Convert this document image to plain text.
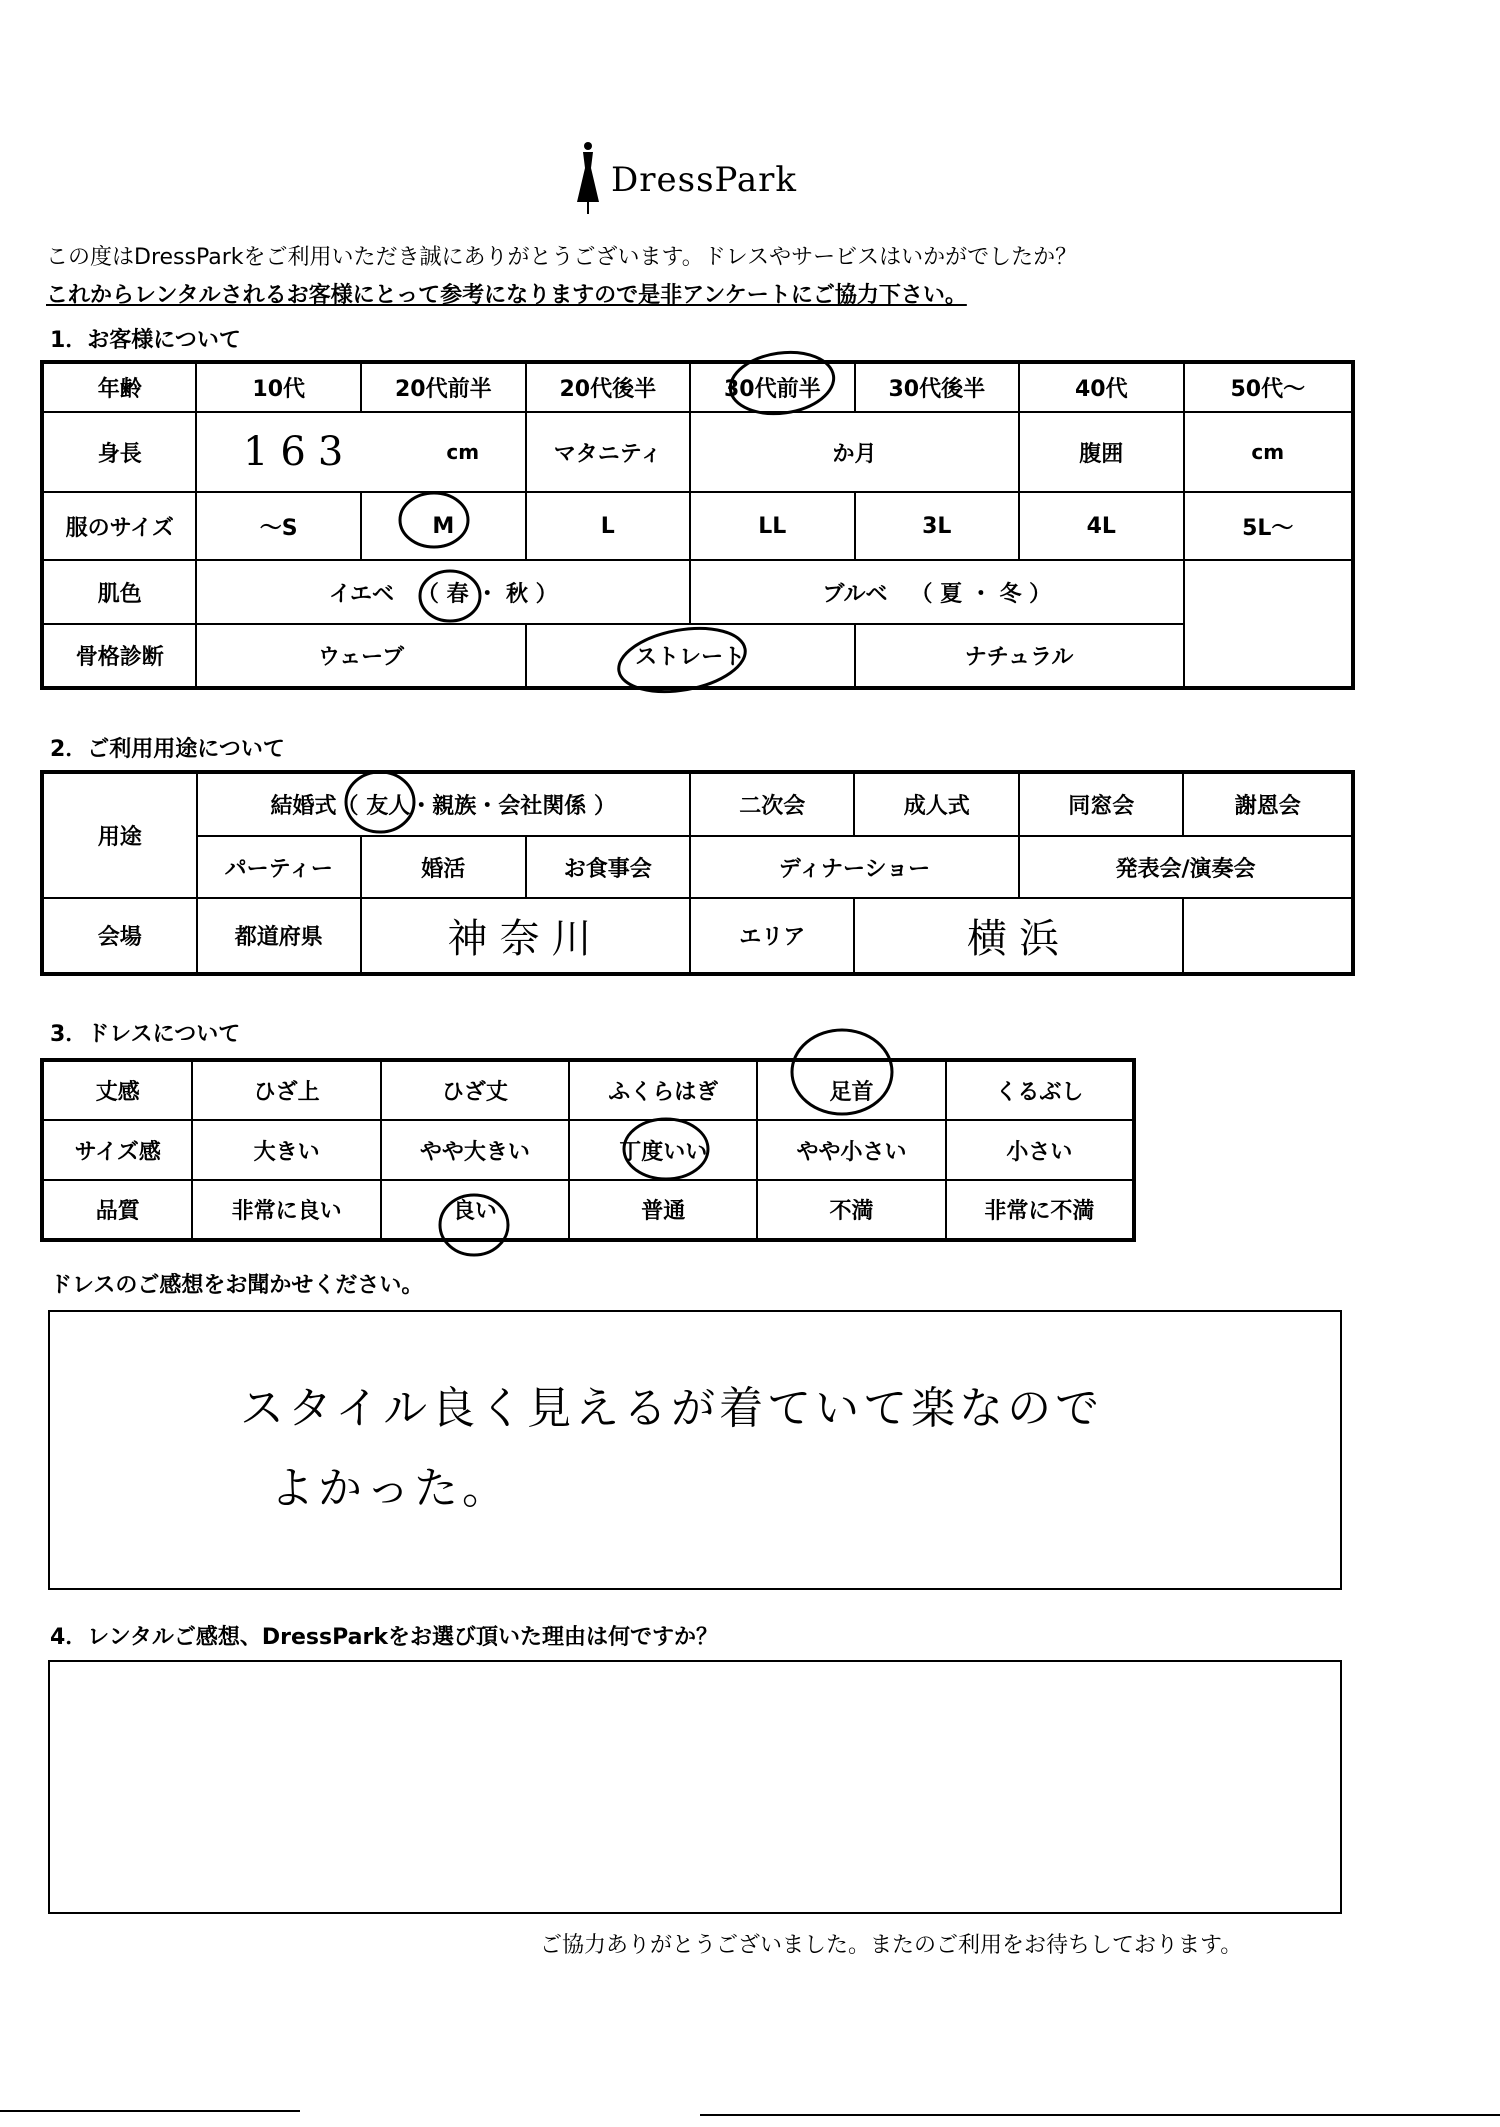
DressPark
この度はDressParkをご利用いただき誠にありがとうございます。ドレスやサービスはいかがでしたか？
これからレンタルされるお客様にとって参考になりますので是非アンケートにご協力下さい。
1．お客様について
年齢	10代	20代前半	20代後半	30代前半	30代後半	40代	50代～
身長	163 cm		マタニティ	か月		腹囲	cm
服のサイズ	～S	M	L	LL	3L	4L	5L～
肌色	イエベ   （ 春 ・ 秋 ）			ブルベ   （ 夏 ・ 冬 ）			
骨格診断	ウェーブ		ストレート		ナチュラル		
2．ご利用用途について
用途	結婚式（ 友人・親族・会社関係 ）			二次会	成人式	同窓会	謝恩会
	パーティー	婚活	お食事会	ディナーショー		発表会/演奏会	
会場	都道府県	神奈川		エリア	横浜		
3．ドレスについて
丈感	ひざ上	ひざ丈	ふくらはぎ	足首	くるぶし
サイズ感	大きい	やや大きい	丁度いい	やや小さい	小さい
品質	非常に良い	良い	普通	不満	非常に不満
ドレスのご感想をお聞かせください。
スタイル良く見えるが着ていて楽なので
よかった。
4．レンタルご感想、DressParkをお選び頂いた理由は何ですか？
ご協力ありがとうございました。またのご利用をお待ちしております。
